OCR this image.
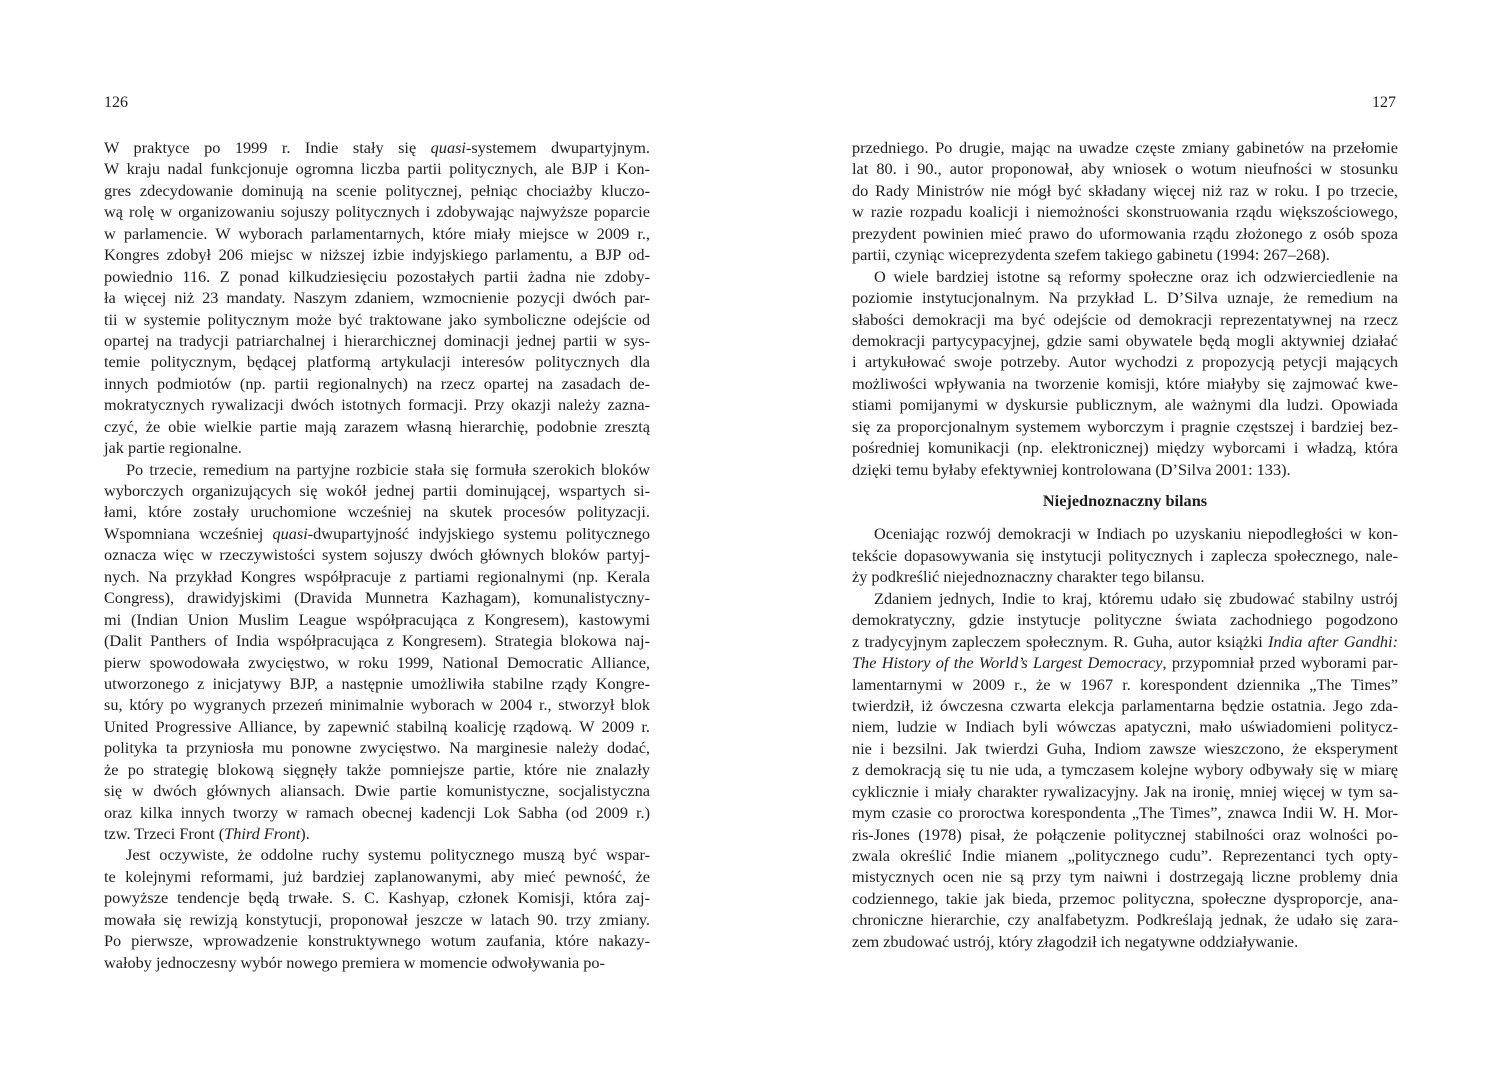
126

W praktyce po 1999 r. Indie stały się quasi-systemem dwupartyjnym.
W kraju nadal funkcjonuje ogromna liczba partii politycznych, ale BJP i Kon-
gres zdecydowanie dominują na scenie politycznej, pełniąc chociażby kluczo-
wą rolę w organizowaniu sojuszy politycznych i zdobywając najwyższe poparcie
w parlamencie. W wyborach parlamentarnych, które miały miejsce w 2009 r.,
Kongres zdobył 206 miejsc w niższej izbie indyjskiego parlamentu, a BJP od-
powiednio 116. Z ponad kilkudziesięciu pozostałych partii żadna nie zdoby-
ła więcej niż 23 mandaty. Naszym zdaniem, wzmocnienie pozycji dwóch par-
tii w systemie politycznym może być traktowane jako symboliczne odejście od
opartej na tradycji patriarchalnej i hierarchicznej dominacji jednej partii w sys-
temie politycznym, będącej platformą artykulacji interesów politycznych dla
innych podmiotów (np. partii regionalnych) na rzecz opartej na zasadach de-
mokratycznych rywalizacji dwóch istotnych formacji. Przy okazji należy zazna-
czyć, że obie wielkie partie mają zarazem własną hierarchię, podobnie zresztą
jak partie regionalne.
Po trzecie, remedium na partyjne rozbicie stała się formuła szerokich bloków
wyborczych organizujących się wokół jednej partii dominującej, wspartych si-
łami, które zostały uruchomione wcześniej na skutek procesów polityzacji.
Wspomniana wcześniej quasi-dwupartyjność indyjskiego systemu politycznego
oznacza więc w rzeczywistości system sojuszy dwóch głównych bloków partyj-
nych. Na przykład Kongres współpracuje z partiami regionalnymi (np. Kerala
Congress), drawidyjskimi (Dravida Munnetra Kazhagam), komunalistyczny-
mi (Indian Union Muslim League współpracująca z Kongresem), kastowymi
(Dalit Panthers of India współpracująca z Kongresem). Strategia blokowa naj-
pierw spowodowała zwycięstwo, w roku 1999, National Democratic Alliance,
utworzonego z inicjatywy BJP, a następnie umożliwiła stabilne rządy Kongre-
su, który po wygranych przezeń minimalnie wyborach w 2004 r., stworzył blok
United Progressive Alliance, by zapewnić stabilną koalicję rządową. W 2009 r.
polityka ta przyniosła mu ponowne zwycięstwo. Na marginesie należy dodać,
że po strategię blokową sięgnęły także pomniejsze partie, które nie znalazły
się w dwóch głównych aliansach. Dwie partie komunistyczne, socjalistyczna
oraz kilka innych tworzy w ramach obecnej kadencji Lok Sabha (od 2009 r.)
tzw. Trzeci Front (Third Front).
Jest oczywiste, że oddolne ruchy systemu politycznego muszą być wspar-
te kolejnymi reformami, już bardziej zaplanowanymi, aby mieć pewność, że
powyższe tendencje będą trwałe. S. C. Kashyap, członek Komisji, która zaj-
mowała się rewizją konstytucji, proponował jeszcze w latach 90. trzy zmiany.
Po pierwsze, wprowadzenie konstruktywnego wotum zaufania, które nakazy-
wałoby jednoczesny wybór nowego premiera w momencie odwoływania po-

127

przedniego. Po drugie, mając na uwadze częste zmiany gabinetów na przełomie
lat 80. i 90., autor proponował, aby wniosek o wotum nieufności w stosunku
do Rady Ministrów nie mógł być składany więcej niż raz w roku. I po trzecie,
w razie rozpadu koalicji i niemożności skonstruowania rządu większościowego,
prezydent powinien mieć prawo do uformowania rządu złożonego z osób spoza
partii, czyniąc wiceprezydenta szefem takiego gabinetu (1994: 267–268).
O wiele bardziej istotne są reformy społeczne oraz ich odzwierciedlenie na
poziomie instytucjonalnym. Na przykład L. D’Silva uznaje, że remedium na
słabości demokracji ma być odejście od demokracji reprezentatywnej na rzecz
demokracji partycypacyjnej, gdzie sami obywatele będą mogli aktywniej działać
i artykułować swoje potrzeby. Autor wychodzi z propozycją petycji mających
możliwości wpływania na tworzenie komisji, które miałyby się zajmować kwe-
stiami pomijanymi w dyskursie publicznym, ale ważnymi dla ludzi. Opowiada
się za proporcjonalnym systemem wyborczym i pragnie częstszej i bardziej bez-
pośredniej komunikacji (np. elektronicznej) między wyborcami i władzą, która
dzięki temu byłaby efektywniej kontrolowana (D’Silva 2001: 133).
Niejednoznaczny bilans
Oceniając rozwój demokracji w Indiach po uzyskaniu niepodległości w kon-
tekście dopasowywania się instytucji politycznych i zaplecza społecznego, nale-
ży podkreślić niejednoznaczny charakter tego bilansu.
Zdaniem jednych, Indie to kraj, któremu udało się zbudować stabilny ustrój
demokratyczny, gdzie instytucje polityczne świata zachodniego pogodzono
z tradycyjnym zapleczem społecznym. R. Guha, autor książki India after Gandhi:
The History of the World’s Largest Democracy, przypomniał przed wyborami par-
lamentarnymi w 2009 r., że w 1967 r. korespondent dziennika „The Times”
twierdził, iż ówczesna czwarta elekcja parlamentarna będzie ostatnia. Jego zda-
niem, ludzie w Indiach byli wówczas apatyczni, mało uświadomieni politycz-
nie i bezsilni. Jak twierdzi Guha, Indiom zawsze wieszczono, że eksperyment
z demokracją się tu nie uda, a tymczasem kolejne wybory odbywały się w miarę
cyklicznie i miały charakter rywalizacyjny. Jak na ironię, mniej więcej w tym sa-
mym czasie co proroctwa korespondenta „The Times”, znawca Indii W. H. Mor-
ris-Jones (1978) pisał, że połączenie politycznej stabilności oraz wolności po-
zwala określić Indie mianem „politycznego cudu”. Reprezentanci tych opty-
mistycznych ocen nie są przy tym naiwni i dostrzegają liczne problemy dnia
codziennego, takie jak bieda, przemoc polityczna, społeczne dysproporcje, ana-
chroniczne hierarchie, czy analfabetyzm. Podkreślają jednak, że udało się zara-
zem zbudować ustrój, który złagodził ich negatywne oddziaływanie.
